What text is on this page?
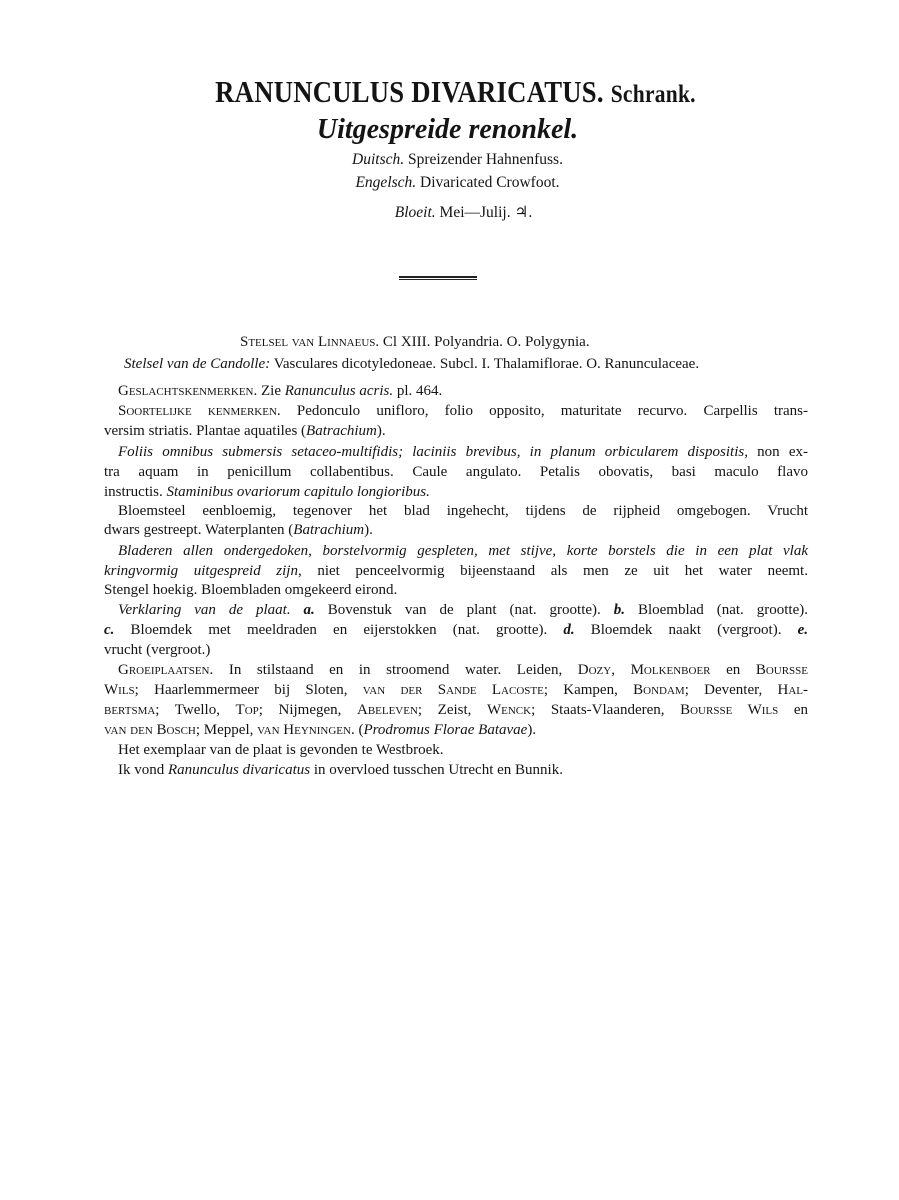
RANUNCULUS DIVARICATUS. Schrank.
Uitgespreide renonkel.
Duitsch. Spreizender Hahnenfuss.
Engelsch. Divaricated Crowfoot.
Bloeit. Mei—Julij. ♃.
Stelsel van Linnaeus. Cl XIII. Polyandria. O. Polygynia.
Stelsel van de Candolle: Vasculares dicotyledoneae. Subcl. I. Thalamiflorae. O. Ranunculaceae.
Geslachtskenmerken. Zie Ranunculus acris. pl. 464.
Soortelijke kenmerken. Pedonculo unifloro, folio opposito, maturitate recurvo. Carpellis trans-
versim striatis. Plantae aquatiles (Batrachium).
Foliis omnibus submersis setaceo-multifidis; laciniis brevibus, in planum orbicularem dispositis, non ex-
tra aquam in penicillum collabentibus. Caule angulato. Petalis obovatis, basi maculo flavo
instructis. Staminibus ovariorum capitulo longioribus.
Bloemsteel eenbloemig, tegenover het blad ingehecht, tijdens de rijpheid omgebogen. Vrucht
dwars gestreept. Waterplanten (Batrachium).
Bladeren allen ondergedoken, borstelvormig gespleten, met stijve, korte borstels die in een plat vlak
kringvormig uitgespreid zijn, niet penceelvormig bijeenstaand als men ze uit het water neemt.
Stengel hoekig. Bloembladen omgekeerd eirond.
Verklaring van de plaat. a. Bovenstuk van de plant (nat. grootte). b. Bloemblad (nat. grootte).
c. Bloemdek met meeldraden en eijerstokken (nat. grootte). d. Bloemdek naakt (vergroot). e.
vrucht (vergroot.)
Groeiplaatsen. In stilstaand en in stroomend water. Leiden, Dozy, Molkenboer en Boursse
Wils; Haarlemmermeer bij Sloten, van der Sande Lacoste; Kampen, Bondam; Deventer, Hal-
bertsma; Twello, Top; Nijmegen, Abeleven; Zeist, Wenck; Staats-Vlaanderen, Boursse Wils en
van den Bosch; Meppel, van Heyningen. (Prodromus Florae Batavae).
Het exemplaar van de plaat is gevonden te Westbroek.
Ik vond Ranunculus divaricatus in overvloed tusschen Utrecht en Bunnik.
